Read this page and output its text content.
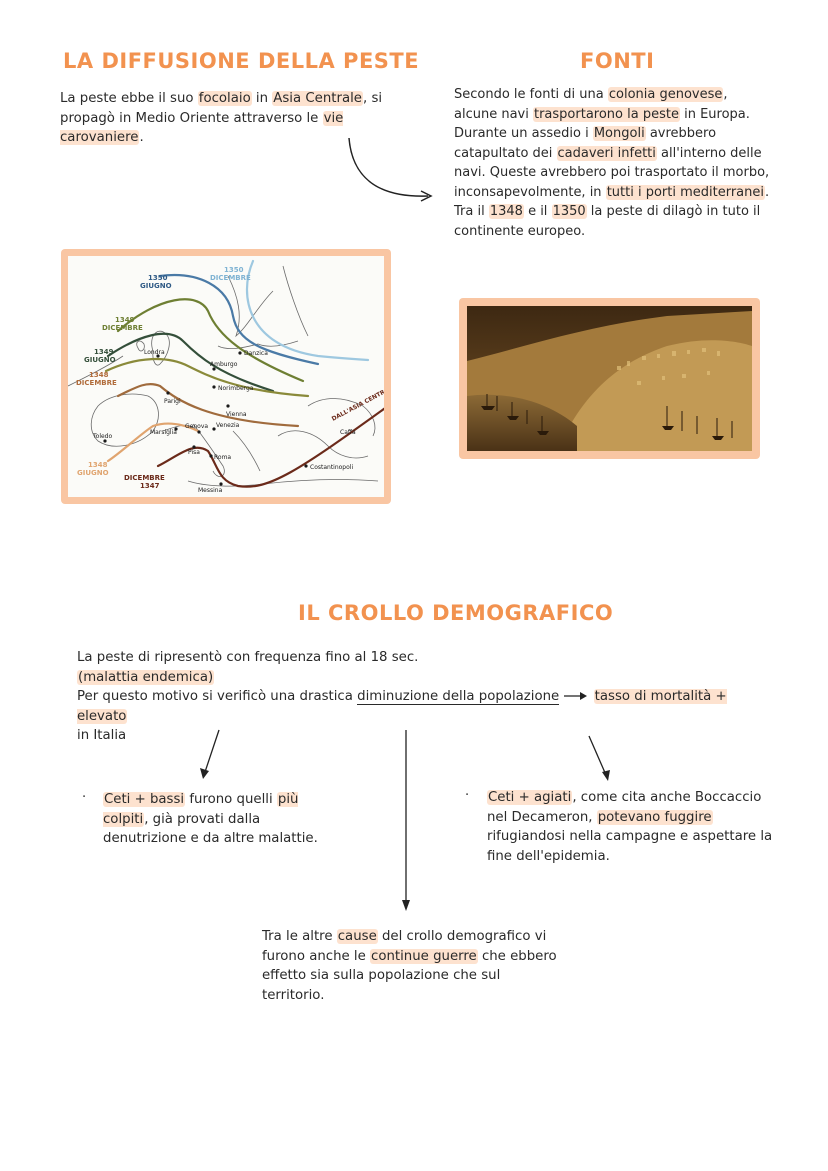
LA DIFFUSIONE DELLA PESTE

La peste ebbe il suo focolaio in Asia Centrale, si propagò in Medio Oriente attraverso le vie carovaniere.

FONTI
Secondo le fonti di una colonia genovese, alcune navi trasportarono la peste in Europa.
Durante un assedio i Mongoli avrebbero catapultato dei cadaveri infetti all'interno delle navi. Queste avrebbero poi trasportato il morbo, inconsapevolmente, in tutti i porti mediterranei.
Tra il 1348 e il 1350 la peste di dilagò in tuto il continente europeo.
1350
GIUGNO
1350
DICEMBRE
1349
DICEMBRE
1349
GIUGNO
1348
DICEMBRE
1348
GIUGNO
DICEMBRE
1347
DALL'ASIA CENTRALE
Londra	Danzica
Amburgo
Norimberga
Parigi
Vienna
Marsiglia
Genova Venezia
Toledo
Pisa
Roma
Caffa
Costantinopoli
Messina
IL CROLLO DEMOGRAFICO
La peste di ripresentò con frequenza fino al 18 sec.
(malattia endemica)
Per questo motivo si verificò una drastica diminuzione della popolazione	tasso di mortalità + elevato
in Italia
· Ceti + bassi furono quelli più colpiti, già provati dalla denutrizione e da altre malattie.

· Ceti + agiati, come cita anche Boccaccio nel Decameron, potevano fuggire rifugiandosi nella campagne e aspettare la fine dell'epidemia.

Tra le altre cause del crollo demografico vi furono anche le continue guerre che ebbero effetto sia sulla popolazione che sul territorio.
